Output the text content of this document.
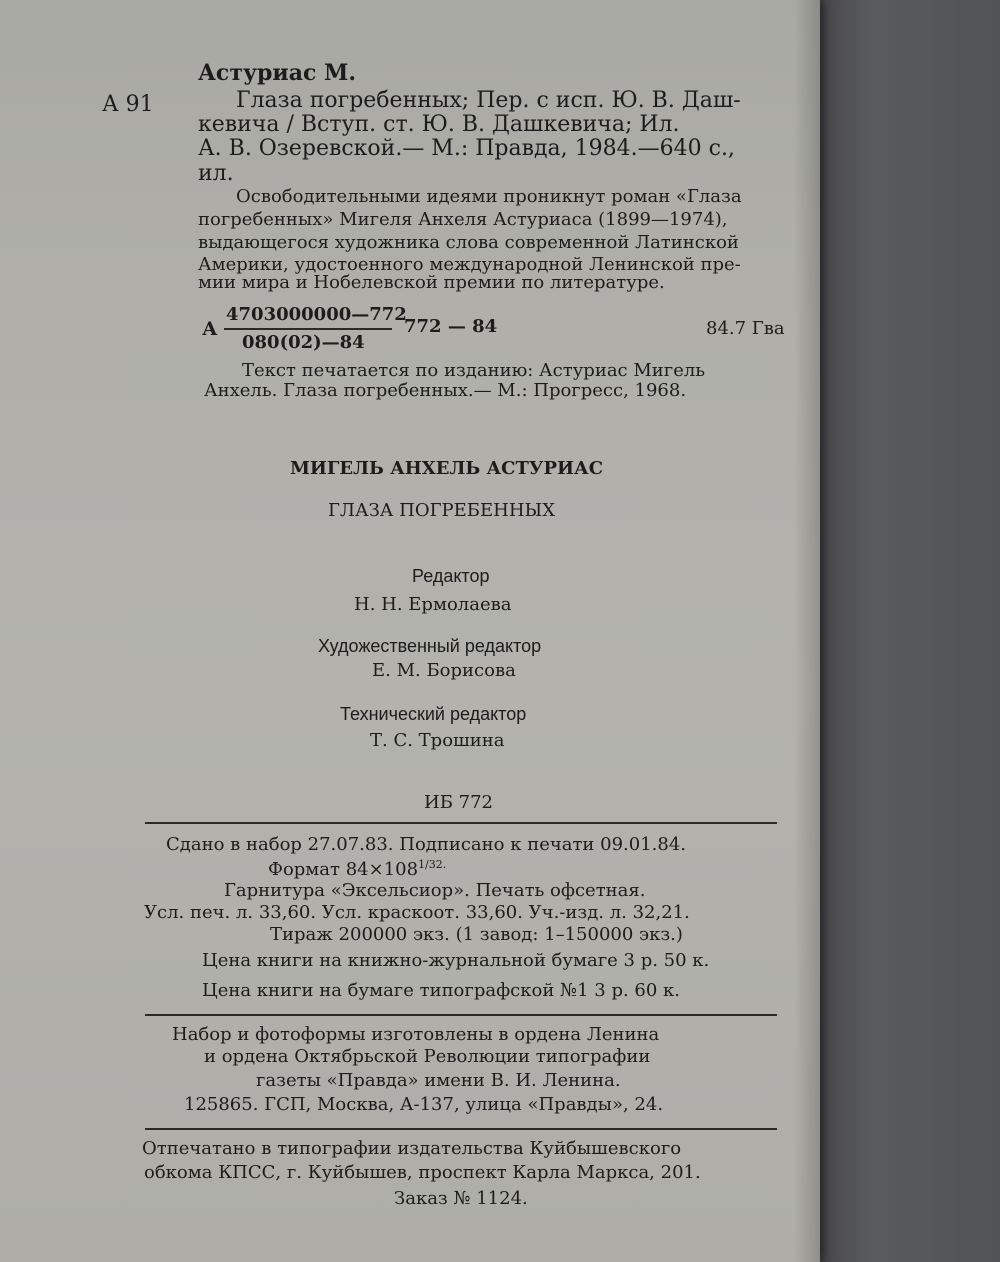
Астуриас М.
А 91	Глаза погребенных; Пер. с исп. Ю. В. Даш-
кевича / Вступ. ст. Ю. В. Дашкевича; Ил.
А. В. Озеревской.— М.: Правда, 1984.—640 с.,
ил.
Освободительными идеями проникнут роман «Глаза
погребенных» Мигеля Анхеля Астуриаса (1899—1974),
выдающегося художника слова современной Латинской
Америки, удостоенного международной Ленинской пре-
мии мира и Нобелевской премии по литературе.
А
4703000000—772
080(02)—84
772 — 84	84.7 Гва
Текст печатается по изданию: Астуриас Мигель
Анхель. Глаза погребенных.— М.: Прогресс, 1968.
МИГЕЛЬ АНХЕЛЬ АСТУРИАС
ГЛАЗА ПОГРЕБЕННЫХ
Редактор
Н. Н. Ермолаева
Художественный редактор
Е. М. Борисова
Технический редактор
Т. С. Трошина
ИБ 772
Сдано в набор 27.07.83. Подписано к печати 09.01.84.
Формат $84\times 108^{1/32.}$
Гарнитура «Эксельсиор». Печать офсетная.
Усл. печ. л. 33,60. Усл. краскоот. 33,60. Уч.-изд. л. 32,21.
Тираж 200000 экз. (1 завод: 1–150000 экз.)
Цена книги на книжно-журнальной бумаге 3 р. 50 к.
Цена книги на бумаге типографской №1 3 р. 60 к.
Набор и фотоформы изготовлены в ордена Ленина
и ордена Октябрьской Революции типографии
газеты «Правда» имени В. И. Ленина.
125865. ГСП, Москва, А-137, улица «Правды», 24.
Отпечатано в типографии издательства Куйбышевского
обкома КПСС, г. Куйбышев, проспект Карла Маркса, 201.
Заказ № 1124.
